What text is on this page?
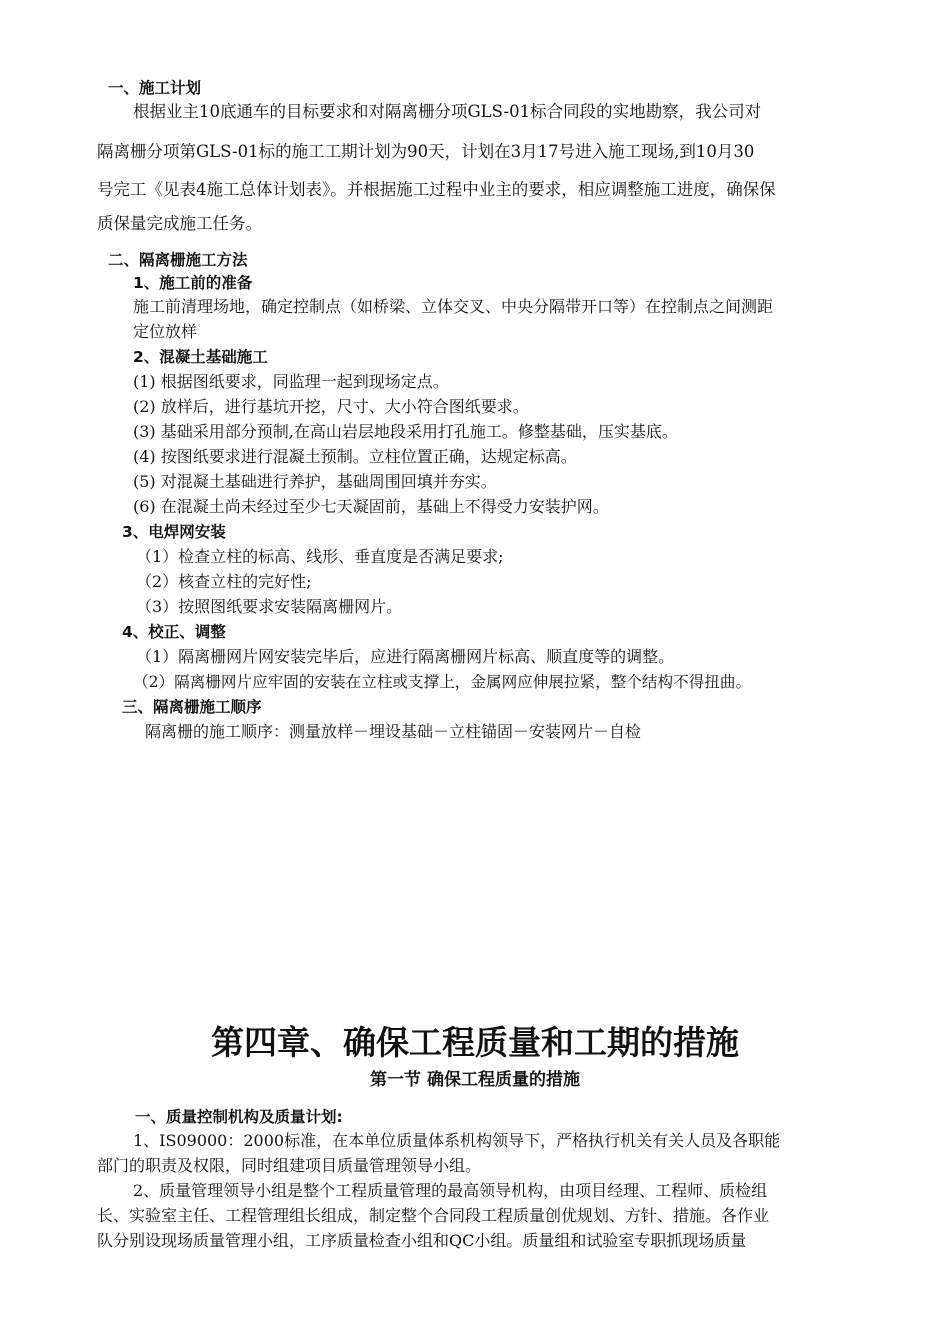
一、施工计划
根据业主10底通车的目标要求和对隔离栅分项GLS-01标合同段的实地勘察，我公司对
隔离栅分项第GLS-01标的施工工期计划为90天，计划在3月17号进入施工现场,到10月30
号完工《见表4施工总体计划表》。并根据施工过程中业主的要求，相应调整施工进度，确保保
质保量完成施工任务。
二、隔离栅施工方法
1、施工前的准备
施工前清理场地，确定控制点（如桥梁、立体交叉、中央分隔带开口等）在控制点之间测距
定位放样
2、混凝土基础施工
(1) 根据图纸要求，同监理一起到现场定点。
(2) 放样后，进行基坑开挖，尺寸、大小符合图纸要求。
(3) 基础采用部分预制,在高山岩层地段采用打孔施工。修整基础，压实基底。
(4) 按图纸要求进行混凝土预制。立柱位置正确，达规定标高。
(5) 对混凝土基础进行养护，基础周围回填并夯实。
(6) 在混凝土尚未经过至少七天凝固前，基础上不得受力安装护网。
3、电焊网安装
（1）检查立柱的标高、线形、垂直度是否满足要求;
（2）核查立柱的完好性;
（3）按照图纸要求安装隔离栅网片。
4、校正、调整
（1）隔离栅网片网安装完毕后，应进行隔离栅网片标高、顺直度等的调整。
（2）隔离栅网片应牢固的安装在立柱或支撑上，金属网应伸展拉紧，整个结构不得扭曲。
三、隔离栅施工顺序
隔离栅的施工顺序：测量放样－埋设基础－立柱锚固－安装网片－自检
第四章、确保工程质量和工期的措施
第一节 确保工程质量的措施
一、质量控制机构及质量计划:
1、IS09000：2000标准，在本单位质量体系机构领导下，严格执行机关有关人员及各职能
部门的职责及权限，同时组建项目质量管理领导小组。
2、质量管理领导小组是整个工程质量管理的最高领导机构，由项目经理、工程师、质检组
长、实验室主任、工程管理组长组成，制定整个合同段工程质量创优规划、方针、措施。各作业
队分别设现场质量管理小组，工序质量检查小组和QC小组。质量组和试验室专职抓现场质量
